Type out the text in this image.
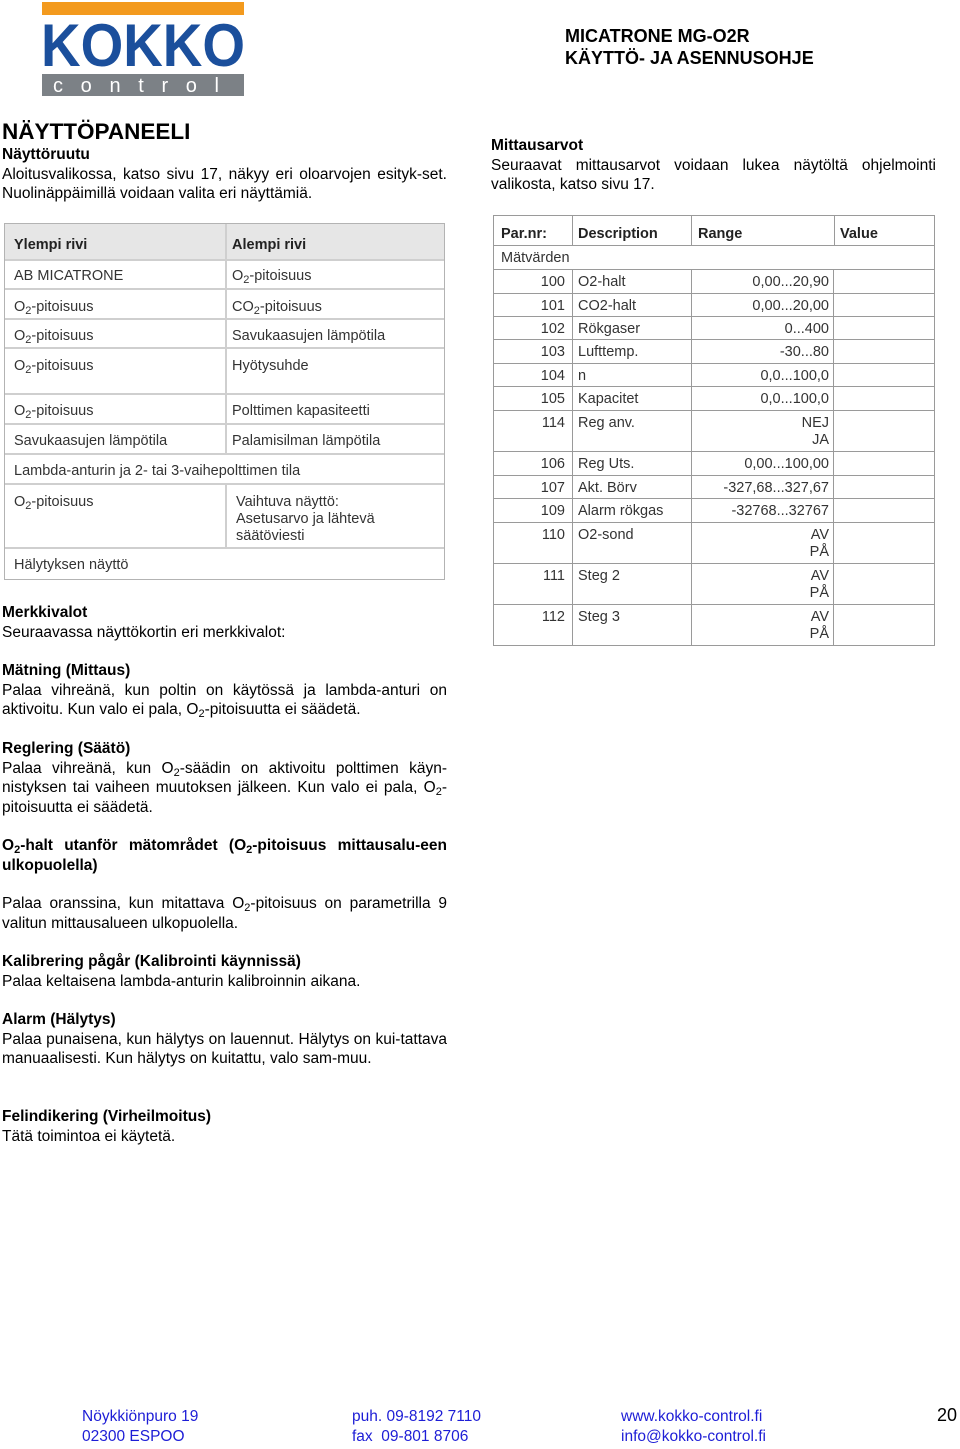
KOKKO
control
MICATRONE MG-O2R
KÄYTTÖ- JA ASENNUSOHJE
NÄYTTÖPANEELI

Näyttöruutu

Aloitusvalikossa, katso sivu 17, näkyy eri oloarvojen esityk-set. Nuolinäppäimillä voidaan valita eri näyttämiä.

Mittausarvot

Seuraavat mittausarvot voidaan lukea näytöltä ohjelmointi valikosta, katso sivu 17.

Ylempi rivi	Alempi rivi
AB MICATRONE	$O_2$-pitoisuus
$O_2$-pitoisuus	$CO_2$-pitoisuus
$O_2$-pitoisuus	Savukaasujen lämpötila
$O_2$-pitoisuus	Hyötysuhde
$O_2$-pitoisuus	Polttimen kapasiteetti
Savukaasujen lämpötila	Palamisilman lämpötila
Lambda-anturin ja 2- tai 3-vaihepolttimen tila
$O_2$-pitoisuus	Vaihtuva näyttö:
Asetusarvo ja lähtevä
säätöviesti
Hälytyksen näyttö
Par.nr: Description	Range	Value
Mätvärden
100 O2-halt	0,00...20,90
101 CO2-halt	0,00...20,00
102 Rökgaser	0...400
103 Lufttemp.	-30...80
104 n	0,0...100,0
105 Kapacitet	0,0...100,0
114 Reg anv.	NEJ
JA
106 Reg Uts.	0,00...100,00
107 Akt. Börv	-327,68...327,67
109 Alarm rökgas	-32768...32767
110 O2-sond	AV
PÅ
111 Steg 2	AV
PÅ
112 Steg 3	AV
PÅ

Merkkivalot

Seuraavassa näyttökortin eri merkkivalot:

Mätning (Mittaus)

Palaa vihreänä, kun poltin on käytössä ja lambda-anturi on aktivoitu. Kun valo ei pala, $O_2$-pitoisuutta ei säädetä.

Reglering (Säätö)

Palaa vihreänä, kun $O_2$-säädin on aktivoitu polttimen käyn-nistyksen tai vaiheen muutoksen jälkeen. Kun valo ei pala, $O_2$-pitoisuutta ei säädetä.

$O_2$-halt utanför mätområdet ($O_2$-pitoisuus mittausalu-een ulkopuolella)

Palaa oranssina, kun mitattava $O_2$-pitoisuus on parametrilla 9 valitun mittausalueen ulkopuolella.

Kalibrering pågår (Kalibrointi käynnissä)

Palaa keltaisena lambda-anturin kalibroinnin aikana.

Alarm (Hälytys)

Palaa punaisena, kun hälytys on lauennut. Hälytys on kui-tattava manuaalisesti. Kun hälytys on kuitattu, valo sam-muu.

Felindikering (Virheilmoitus)

Tätä toimintoa ei käytetä.

Nöykkiönpuro 19
02300 ESPOO
puh. 09-8192 7110
fax  09-801 8706
www.kokko-control.fi
info@kokko-control.fi
20
